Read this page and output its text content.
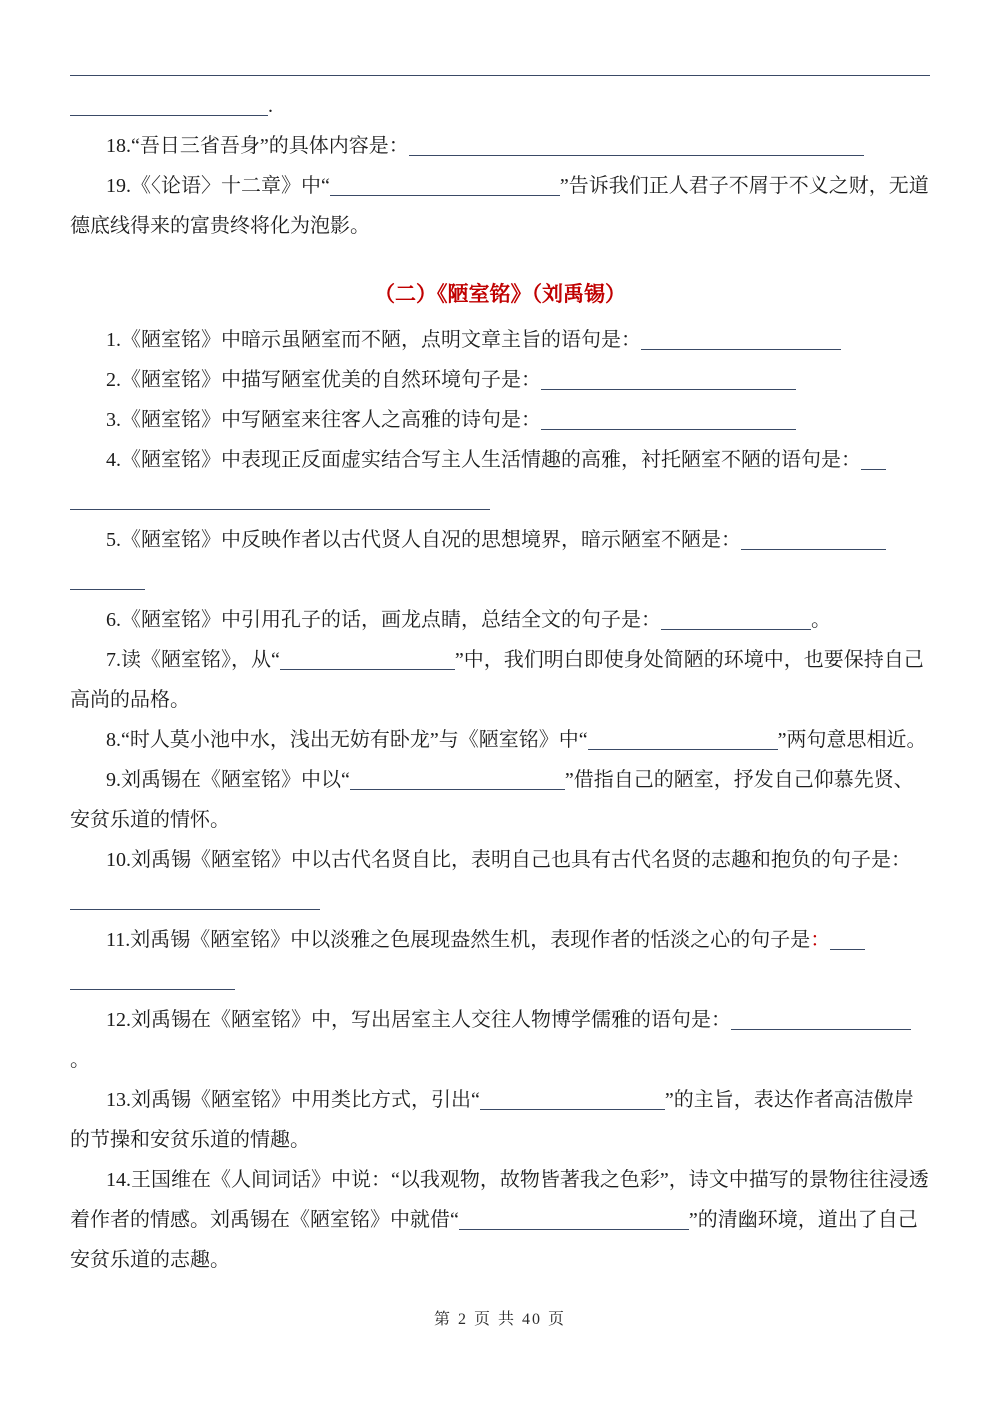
.

18.“吾日三省吾身”的具体内容是：

19.《〈论语〉十二章》中“	”告诉我们正人君子不屑于不义之财，无道德底线得来的富贵终将化为泡影。

（二）《陋室铭》（刘禹锡）

1.《陋室铭》中暗示虽陋室而不陋，点明文章主旨的语句是：

2.《陋室铭》中描写陋室优美的自然环境句子是：

3.《陋室铭》中写陋室来往客人之高雅的诗句是：

4.《陋室铭》中表现正反面虚实结合写主人生活情趣的高雅，衬托陋室不陋的语句是：

5.《陋室铭》中反映作者以古代贤人自况的思想境界，暗示陋室不陋是：

6.《陋室铭》中引用孔子的话，画龙点睛，总结全文的句子是：	。

7.读《陋室铭》，从“	”中，我们明白即使身处简陋的环境中，也要保持自己高尚的品格。

8.“时人莫小池中水，浅出无妨有卧龙”与《陋室铭》中“	”两句意思相近。

9.刘禹锡在《陋室铭》中以“	”借指自己的陋室，抒发自己仰慕先贤、安贫乐道的情怀。

10.刘禹锡《陋室铭》中以古代名贤自比，表明自己也具有古代名贤的志趣和抱负的句子是：

11.刘禹锡《陋室铭》中以淡雅之色展现盎然生机，表现作者的恬淡之心的句子是：

12.刘禹锡在《陋室铭》中，写出居室主人交往人物博学儒雅的语句是：。

13.刘禹锡《陋室铭》中用类比方式，引出“	”的主旨，表达作者高洁傲岸的节操和安贫乐道的情趣。

14.王国维在《人间词话》中说：“以我观物，故物皆著我之色彩”，诗文中描写的景物往往浸透着作者的情感。刘禹锡在《陋室铭》中就借“	”的清幽环境，道出了自己安贫乐道的志趣。

第 2 页 共 40 页
